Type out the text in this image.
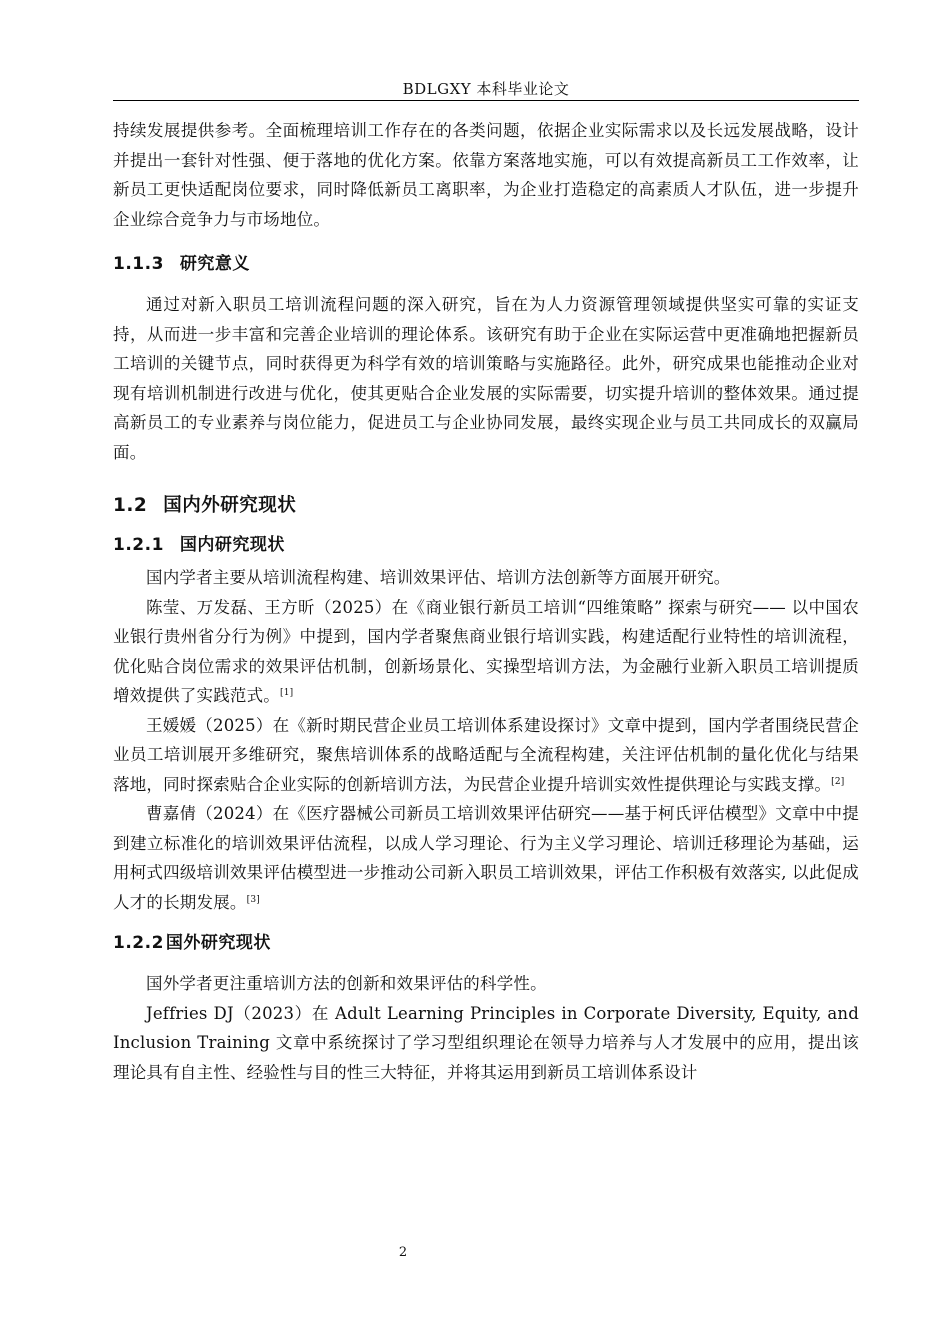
BDLGXY 本科毕业论文

持续发展提供参考。全面梳理培训工作存在的各类问题，依据企业实际需求以及长远发展战略，设计并提出一套针对性强、便于落地的优化方案。依靠方案落地实施，可以有效提高新员工工作效率，让新员工更快适配岗位要求，同时降低新员工离职率，为企业打造稳定的高素质人才队伍，进一步提升企业综合竞争力与市场地位。

1.1.3 研究意义

通过对新入职员工培训流程问题的深入研究，旨在为人力资源管理领域提供坚实可靠的实证支持，从而进一步丰富和完善企业培训的理论体系。该研究有助于企业在实际运营中更准确地把握新员工培训的关键节点，同时获得更为科学有效的培训策略与实施路径。此外，研究成果也能推动企业对现有培训机制进行改进与优化，使其更贴合企业发展的实际需要，切实提升培训的整体效果。通过提高新员工的专业素养与岗位能力，促进员工与企业协同发展，最终实现企业与员工共同成长的双赢局面。

1.2 国内外研究现状
1.2.1 国内研究现状

国内学者主要从培训流程构建、培训效果评估、培训方法创新等方面展开研究。

陈莹、万发磊、王方昕（2025）在《商业银行新员工培训“四维策略” 探索与研究—— 以中国农业银行贵州省分行为例》中提到，国内学者聚焦商业银行培训实践，构建适配行业特性的培训流程，优化贴合岗位需求的效果评估机制，创新场景化、实操型培训方法，为金融行业新入职员工培训提质增效提供了实践范式。[1]

王媛媛（2025）在《新时期民营企业员工培训体系建设探讨》文章中提到，国内学者围绕民营企业员工培训展开多维研究，聚焦培训体系的战略适配与全流程构建，关注评估机制的量化优化与结果落地，同时探索贴合企业实际的创新培训方法，为民营企业提升培训实效性提供理论与实践支撑。[2]

曹嘉倩（2024）在《医疗器械公司新员工培训效果评估研究——基于柯氏评估模型》文章中中提到建立标准化的培训效果评估流程，以成人学习理论、行为主义学习理论、培训迁移理论为基础，运用柯式四级培训效果评估模型进一步推动公司新入职员工培训效果，评估工作积极有效落实, 以此促成人才的长期发展。[3]

1.2.2 国外研究现状

国外学者更注重培训方法的创新和效果评估的科学性。

Jeffries DJ（2023）在 Adult Learning Principles in Corporate Diversity, Equity, and Inclusion Training 文章中系统探讨了学习型组织理论在领导力培养与人才发展中的应用，提出该理论具有自主性、经验性与目的性三大特征，并将其运用到新员工培训体系设计

2
